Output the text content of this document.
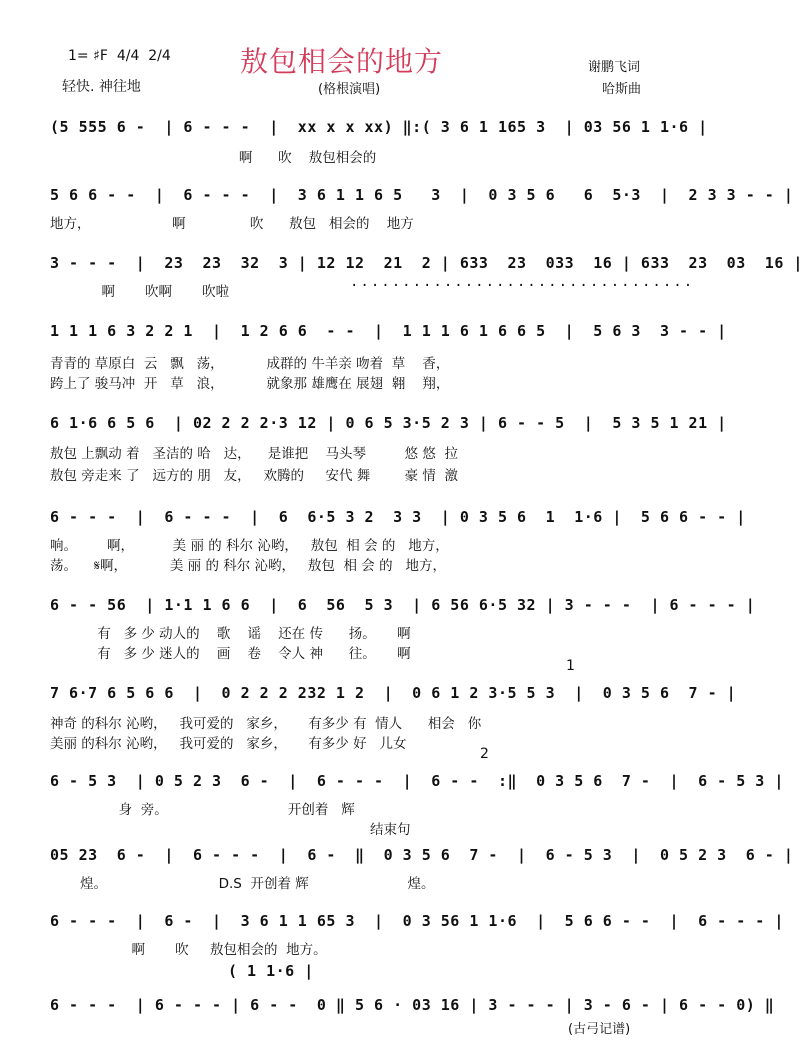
敖包相会的地方
1= ♯F  4/4  2/4
轻快. 神往地	(格根演唱)
谢鹏飞词
哈斯曲
(5 555 6 -  | 6 - - -  |  xx x x xx) ‖:( 3 6 1 165 3  | 03 56 1 1·6 |
啊      吹    敖包相会的
5 6 6 - -  |  6 - - -  |  3 6 1 1 6 5   3  |  0 3 5 6   6  5·3  |  2 3 3 - - |
地方，                   啊               吹      敖包   相会的    地方
3 - - -  |  23  23  32  3 | 12 12  21  2 | 633  23  033  16 | 633  23  03  16 |
啊       吹啊       吹啦	·································
1 1 1 6 3 2 2 1  |  1 2 6 6  - -  |  1 1 1 6 1 6 6 5  |  5 6 3  3 - - |
青青的 草原白  云   飘   荡，          成群的 牛羊亲 吻着  草    香，
跨上了 骏马冲  开   草   浪，          就象那 雄鹰在 展翅  翱    翔，
6 1·6 6 5 6  | 02 2 2 2·3 12 | 0 6 5 3·5 2 3 | 6 - - 5  |  5 3 5 1 21 |
敖包 上飘动 着   圣洁的 哈   达，    是谁把    马头琴         悠 悠  拉
敖包 旁走来 了   远方的 朋   友，   欢腾的     安代 舞        豪 情  激
6 - - -  |  6 - - -  |  6  6·5 3 2  3 3  | 0 3 5 6  1  1·6 |  5 6 6 - - |
响。       啊，         美 丽 的 科尔 沁哟，   敖包  相 会 的   地方，
荡。    𝄋啊，          美 丽 的 科尔 沁哟，   敖包  相 会 的   地方，
6 - - 56  | 1·1 1 6 6  |  6  56  5 3  | 6 56 6·5 32 | 3 - - -  | 6 - - - |
有   多 少 动人的    歌    谣    还在 传      扬。     啊
有   多 少 迷人的    画    卷    令人 神      往。     啊
1
7 6·7 6 5 6 6  |  0 2 2 2 232 1 2  |  0 6 1 2 3·5 5 3  |  0 3 5 6  7 - |
神奇 的科尔 沁哟，   我可爱的   家乡，     有多少 有  情人      相会   你
美丽 的科尔 沁哟，   我可爱的   家乡，     有多少 好   儿女
2
6 - 5 3  | 0 5 2 3  6 -  |  6 - - -  |  6 - -  :‖  0 3 5 6  7 -  |  6 - 5 3 |
身  旁。                            开创着   辉
结束句
05 23  6 -  |  6 - - -  |  6 -  ‖  0 3 5 6  7 -  |  6 - 5 3  |  0 5 2 3  6 - |
煌。                          D.S  开创着 辉                       煌。
6 - - -  |  6 -  |  3 6 1 1 65 3  |  0 3 56 1 1·6  |  5 6 6 - -  |  6 - - - |
啊       吹     敖包相会的  地方。
( 1 1·6 |
6 - - -  | 6 - - - | 6 - -  0 ‖ 5 6 · 03 16 | 3 - - - | 3 - 6 - | 6 - - 0) ‖
(古弓记谱)
